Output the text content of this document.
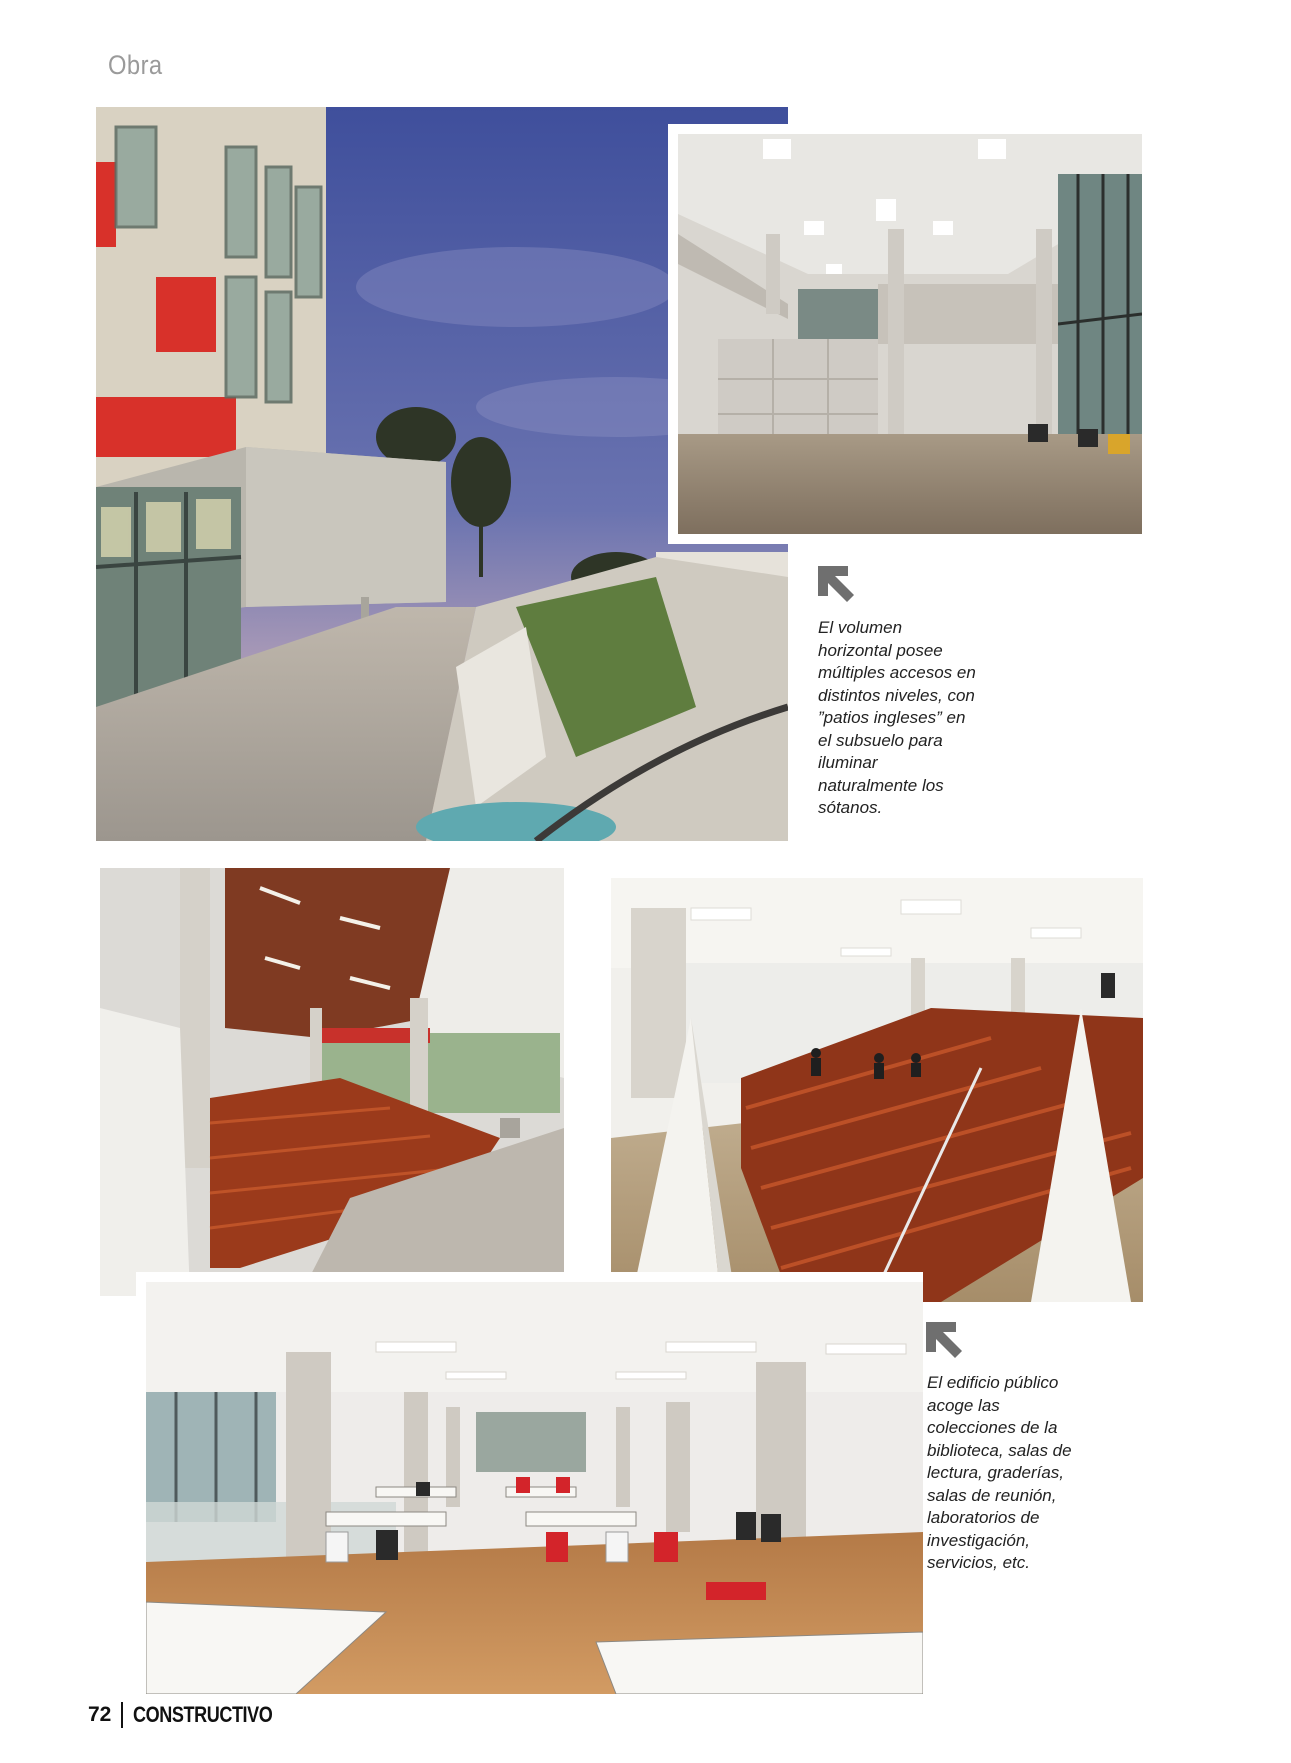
Obra

El volumen horizontal posee múltiples accesos en distintos niveles, con ”patios ingleses” en el subsuelo para iluminar naturalmente los sótanos.

El edificio público acoge las colecciones de la biblioteca, salas de lectura, graderías, salas de reunión, laboratorios de investigación, servicios, etc.

72 CONSTRUCTIVO
